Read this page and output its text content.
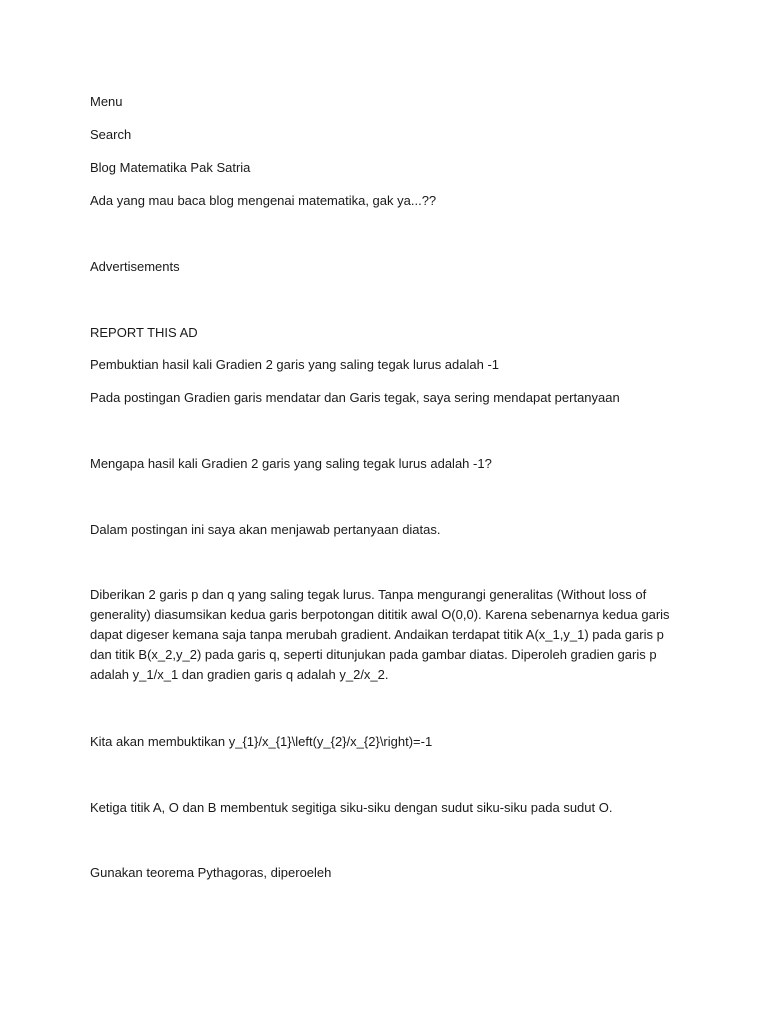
Menu
Search
Blog Matematika Pak Satria
Ada yang mau baca blog mengenai matematika, gak ya...??
Advertisements
REPORT THIS AD
Pembuktian hasil kali Gradien 2 garis yang saling tegak lurus adalah -1
Pada postingan Gradien garis mendatar dan Garis tegak, saya sering mendapat pertanyaan
Mengapa hasil kali Gradien 2 garis yang saling tegak lurus adalah -1?
Dalam postingan ini saya akan menjawab pertanyaan diatas.
Diberikan 2 garis p dan q yang saling tegak lurus. Tanpa mengurangi generalitas (Without loss of generality) diasumsikan kedua garis berpotongan dititik awal O(0,0). Karena sebenarnya kedua garis dapat digeser kemana saja tanpa merubah gradient. Andaikan terdapat titik A(x_1,y_1) pada garis p dan titik B(x_2,y_2) pada garis q, seperti ditunjukan pada gambar diatas. Diperoleh gradien garis p adalah y_1/x_1 dan gradien garis q adalah y_2/x_2.
Kita akan membuktikan y_{1}/x_{1}\left(y_{2}/x_{2}\right)=-1
Ketiga titik A, O dan B membentuk segitiga siku-siku dengan sudut siku-siku pada sudut O.
Gunakan teorema Pythagoras, diperoeleh
